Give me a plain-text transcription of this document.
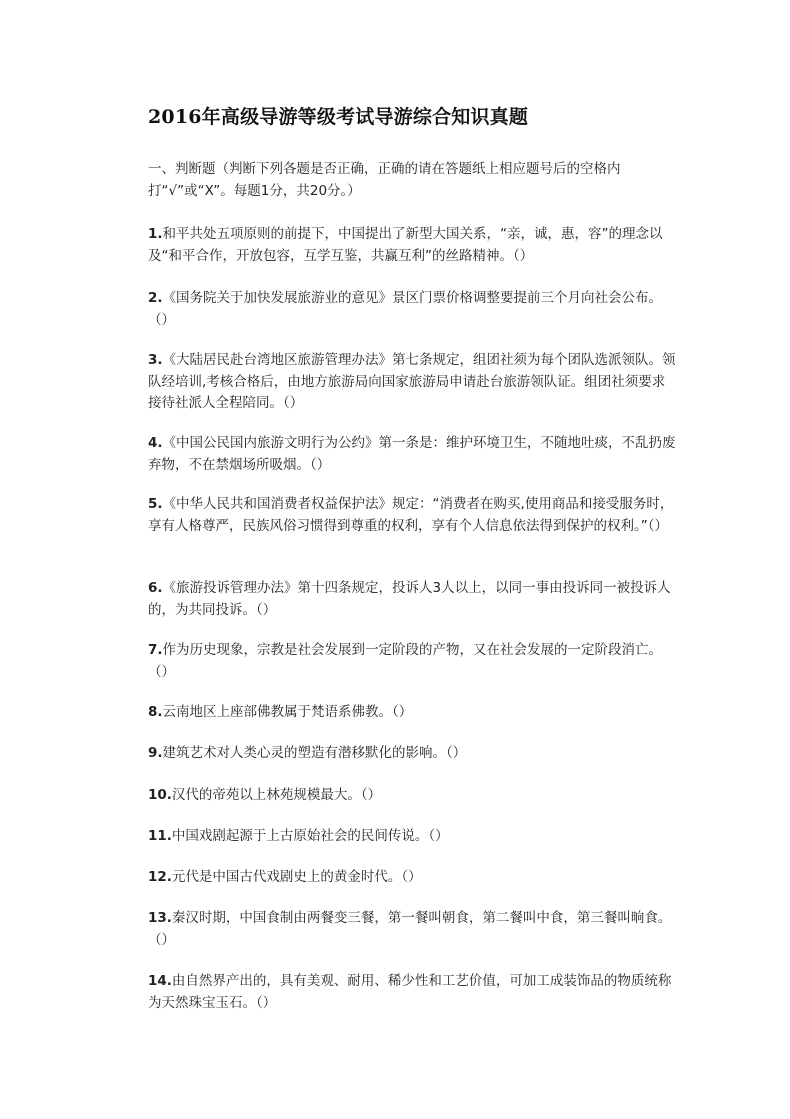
2016年高级导游等级考试导游综合知识真题
一、判断题（判断下列各题是否正确，正确的请在答题纸上相应题号后的空格内打“√”或“X”。每题1分，共20分。）
1.和平共处五项原则的前提下，中国提出了新型大国关系，“亲，诚，惠，容”的理念以及“和平合作，开放包容，互学互鉴，共赢互利”的丝路精神。（）
2.《国务院关于加快发展旅游业的意见》景区门票价格调整要提前三个月向社会公布。（）
3.《大陆居民赴台湾地区旅游管理办法》第七条规定，组团社须为每个团队选派领队。领队经培训,考核合格后，由地方旅游局向国家旅游局申请赴台旅游领队证。组团社须要求接待社派人全程陪同。（）
4.《中国公民国内旅游文明行为公约》第一条是：维护环境卫生，不随地吐痰，不乱扔废弃物，不在禁烟场所吸烟。（）
5.《中华人民共和国消费者权益保护法》规定：“消费者在购买,使用商品和接受服务时，享有人格尊严，民族风俗习惯得到尊重的权利，享有个人信息依法得到保护的权利。”（）
6.《旅游投诉管理办法》第十四条规定，投诉人3人以上，以同一事由投诉同一被投诉人的，为共同投诉。（）
7.作为历史现象，宗教是社会发展到一定阶段的产物，又在社会发展的一定阶段消亡。（）
8.云南地区上座部佛教属于梵语系佛教。（）
9.建筑艺术对人类心灵的塑造有潜移默化的影响。（）
10.汉代的帝苑以上林苑规模最大。（）
11.中国戏剧起源于上古原始社会的民间传说。（）
12.元代是中国古代戏剧史上的黄金时代。（）
13.秦汉时期，中国食制由两餐变三餐，第一餐叫朝食，第二餐叫中食，第三餐叫晌食。（）
14.由自然界产出的，具有美观、耐用、稀少性和工艺价值，可加工成装饰品的物质统称为天然珠宝玉石。（）
